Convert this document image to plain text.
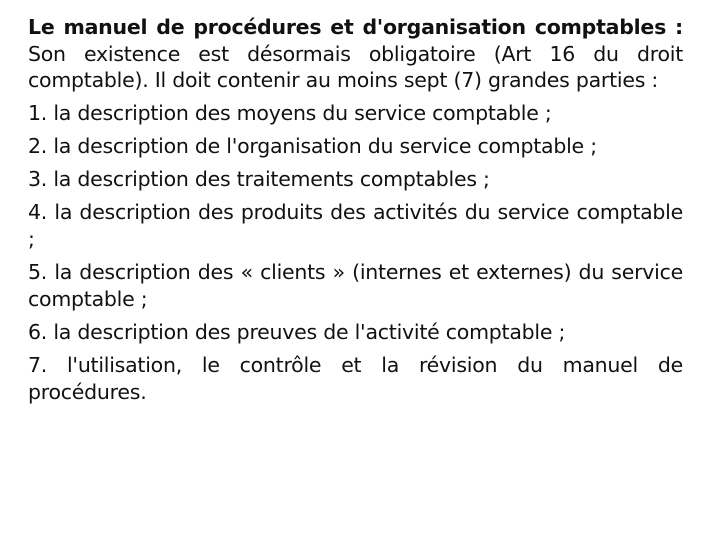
Le manuel de procédures et d'organisation comptables : Son existence est désormais obligatoire (Art 16 du droit comptable). Il doit contenir au moins sept (7) grandes parties :

1. la description des moyens du service comptable ;

2. la description de l'organisation du service comptable ;

3. la description des traitements comptables ;

4. la description des produits des activités du service comptable ;

5. la description des « clients » (internes et externes) du service comptable ;

6. la description des preuves de l'activité comptable ;

7. l'utilisation, le contrôle et la révision du manuel de procédures.
